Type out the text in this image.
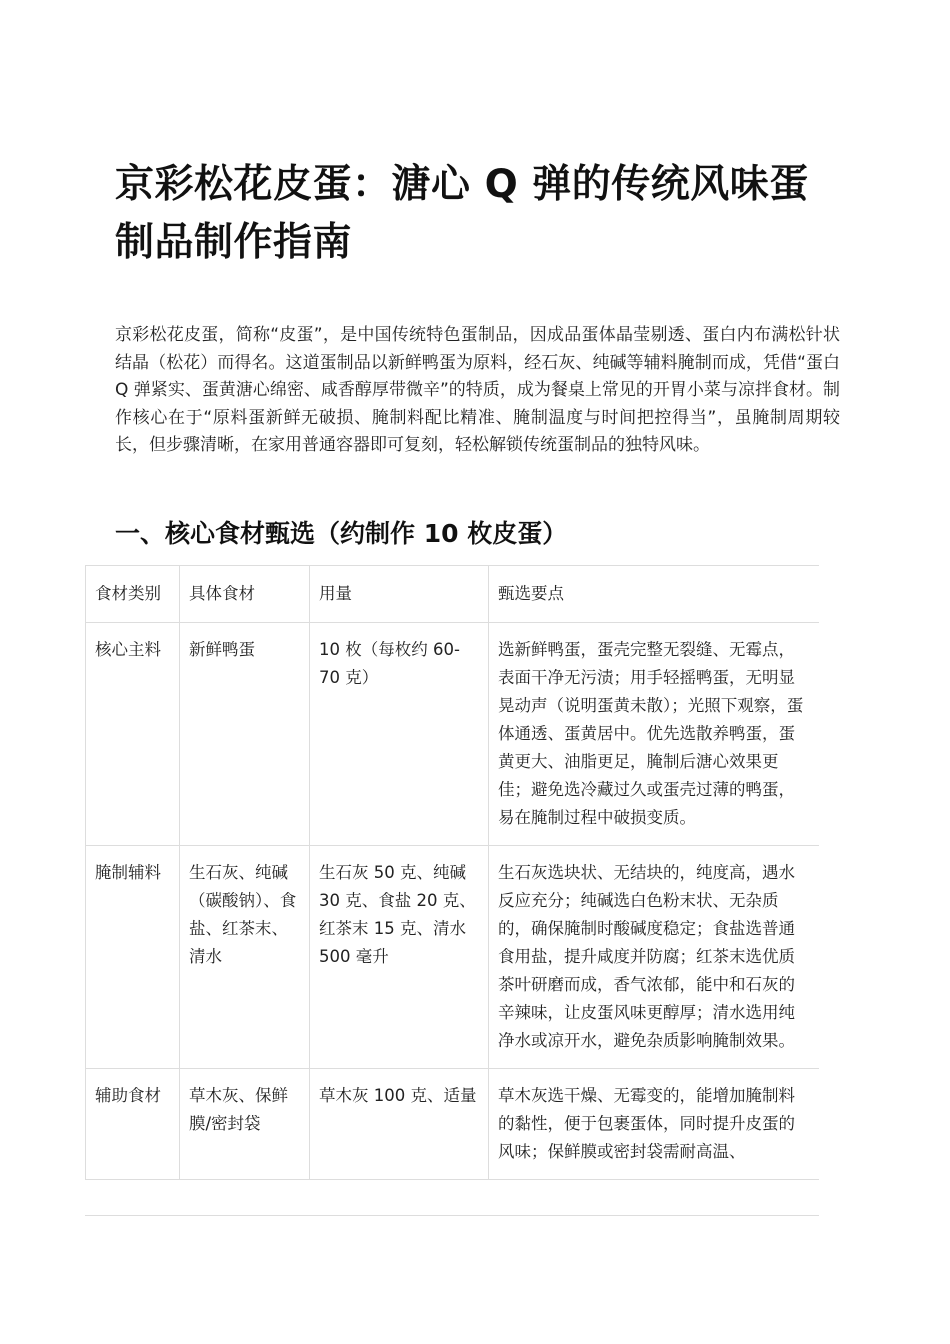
京彩松花皮蛋：溏心 Q 弹的传统风味蛋制品制作指南

京彩松花皮蛋，简称“皮蛋”，是中国传统特色蛋制品，因成品蛋体晶莹剔透、蛋白内布满松针状结晶（松花）而得名。这道蛋制品以新鲜鸭蛋为原料，经石灰、纯碱等辅料腌制而成，凭借“蛋白 Q 弹紧实、蛋黄溏心绵密、咸香醇厚带微辛”的特质，成为餐桌上常见的开胃小菜与凉拌食材。制作核心在于“原料蛋新鲜无破损、腌制料配比精准、腌制温度与时间把控得当”，虽腌制周期较长，但步骤清晰，在家用普通容器即可复刻，轻松解锁传统蛋制品的独特风味。

一、核心食材甄选（约制作 10 枚皮蛋）
食材类别	具体食材	用量	甄选要点
核心主料	新鲜鸭蛋	10 枚（每枚约 60-70 克）	选新鲜鸭蛋，蛋壳完整无裂缝、无霉点，表面干净无污渍；用手轻摇鸭蛋，无明显晃动声（说明蛋黄未散）；光照下观察，蛋体通透、蛋黄居中。优先选散养鸭蛋，蛋黄更大、油脂更足，腌制后溏心效果更佳；避免选冷藏过久或蛋壳过薄的鸭蛋，易在腌制过程中破损变质。
腌制辅料	生石灰、纯碱（碳酸钠）、食盐、红茶末、清水	生石灰 50 克、纯碱 30 克、食盐 20 克、红茶末 15 克、清水 500 毫升	生石灰选块状、无结块的，纯度高，遇水反应充分；纯碱选白色粉末状、无杂质的，确保腌制时酸碱度稳定；食盐选普通食用盐，提升咸度并防腐；红茶末选优质茶叶研磨而成，香气浓郁，能中和石灰的辛辣味，让皮蛋风味更醇厚；清水选用纯净水或凉开水，避免杂质影响腌制效果。
辅助食材	草木灰、保鲜膜/密封袋	草木灰 100 克、适量	草木灰选干燥、无霉变的，能增加腌制料的黏性，便于包裹蛋体，同时提升皮蛋的风味；保鲜膜或密封袋需耐高温、
